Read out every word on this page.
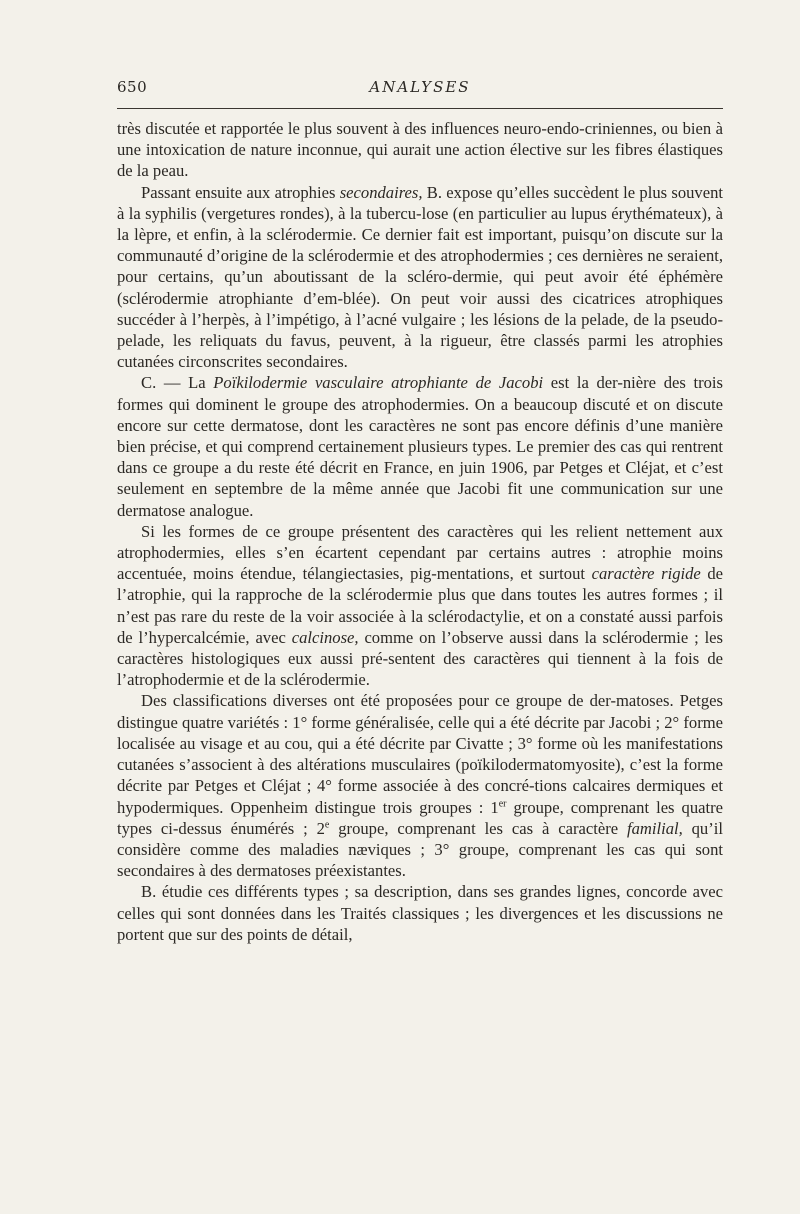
650	ANALYSES

très discutée et rapportée le plus souvent à des influences neuro-endo-criniennes, ou bien à une intoxication de nature inconnue, qui aurait une action élective sur les fibres élastiques de la peau.

Passant ensuite aux atrophies secondaires, B. expose qu’elles succèdent le plus souvent à la syphilis (vergetures rondes), à la tubercu-lose (en particulier au lupus érythémateux), à la lèpre, et enfin, à la sclérodermie. Ce dernier fait est important, puisqu’on discute sur la communauté d’origine de la sclérodermie et des atrophodermies ; ces dernières ne seraient, pour certains, qu’un aboutissant de la scléro-dermie, qui peut avoir été éphémère (sclérodermie atrophiante d’em-blée). On peut voir aussi des cicatrices atrophiques succéder à l’herpès, à l’impétigo, à l’acné vulgaire ; les lésions de la pelade, de la pseudo-pelade, les reliquats du favus, peuvent, à la rigueur, être classés parmi les atrophies cutanées circonscrites secondaires.

C. — La Poïkilodermie vasculaire atrophiante de Jacobi est la der-nière des trois formes qui dominent le groupe des atrophodermies. On a beaucoup discuté et on discute encore sur cette dermatose, dont les caractères ne sont pas encore définis d’une manière bien précise, et qui comprend certainement plusieurs types. Le premier des cas qui rentrent dans ce groupe a du reste été décrit en France, en juin 1906, par Petges et Cléjat, et c’est seulement en septembre de la même année que Jacobi fit une communication sur une dermatose analogue.

Si les formes de ce groupe présentent des caractères qui les relient nettement aux atrophodermies, elles s’en écartent cependant par certains autres : atrophie moins accentuée, moins étendue, télangiectasies, pig-mentations, et surtout caractère rigide de l’atrophie, qui la rapproche de la sclérodermie plus que dans toutes les autres formes ; il n’est pas rare du reste de la voir associée à la sclérodactylie, et on a constaté aussi parfois de l’hypercalcémie, avec calcinose, comme on l’observe aussi dans la sclérodermie ; les caractères histologiques eux aussi pré-sentent des caractères qui tiennent à la fois de l’atrophodermie et de la sclérodermie.

Des classifications diverses ont été proposées pour ce groupe de der-matoses. Petges distingue quatre variétés : 1° forme généralisée, celle qui a été décrite par Jacobi ; 2° forme localisée au visage et au cou, qui a été décrite par Civatte ; 3° forme où les manifestations cutanées s’associent à des altérations musculaires (poïkilodermatomyosite), c’est la forme décrite par Petges et Cléjat ; 4° forme associée à des concré-tions calcaires dermiques et hypodermiques. Oppenheim distingue trois groupes : 1er groupe, comprenant les quatre types ci-dessus énumérés ; 2e groupe, comprenant les cas à caractère familial, qu’il considère comme des maladies næviques ; 3° groupe, comprenant les cas qui sont secondaires à des dermatoses préexistantes.

B. étudie ces différents types ; sa description, dans ses grandes lignes, concorde avec celles qui sont données dans les Traités classiques ; les divergences et les discussions ne portent que sur des points de détail,
